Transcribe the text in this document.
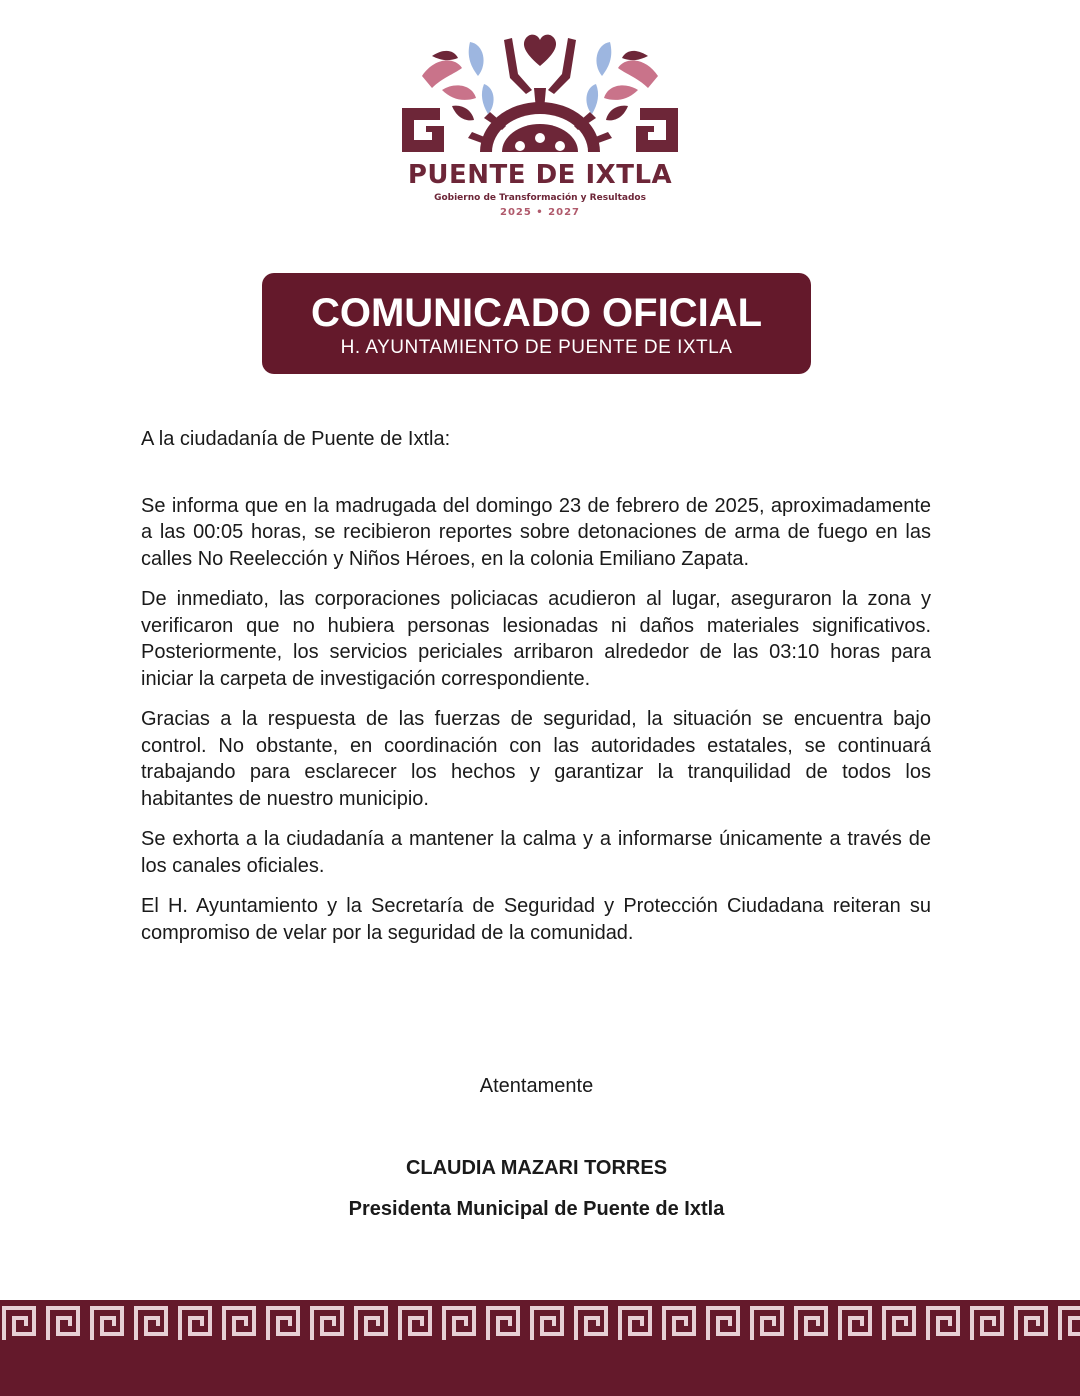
PUENTE DE IXTLA
Gobierno de Transformación y Resultados
2025 • 2027
COMUNICADO OFICIAL
H. AYUNTAMIENTO DE PUENTE DE IXTLA

A la ciudadanía de Puente de Ixtla:

Se informa que en la madrugada del domingo 23 de febrero de 2025, aproximadamente a las 00:05 horas, se recibieron reportes sobre detonaciones de arma de fuego en las calles No Reelección y Niños Héroes, en la colonia Emiliano Zapata.

De inmediato, las corporaciones policiacas acudieron al lugar, aseguraron la zona y verificaron que no hubiera personas lesionadas ni daños materiales significativos. Posteriormente, los servicios periciales arribaron alrededor de las 03:10 horas para iniciar la carpeta de investigación correspondiente.

Gracias a la respuesta de las fuerzas de seguridad, la situación se encuentra bajo control. No obstante, en coordinación con las autoridades estatales, se continuará trabajando para esclarecer los hechos y garantizar la tranquilidad de todos los habitantes de nuestro municipio.

Se exhorta a la ciudadanía a mantener la calma y a informarse únicamente a través de los canales oficiales.

El H. Ayuntamiento y la Secretaría de Seguridad y Protección Ciudadana reiteran su compromiso de velar por la seguridad de la comunidad.

Atentamente
CLAUDIA MAZARI TORRES
Presidenta Municipal de Puente de Ixtla
